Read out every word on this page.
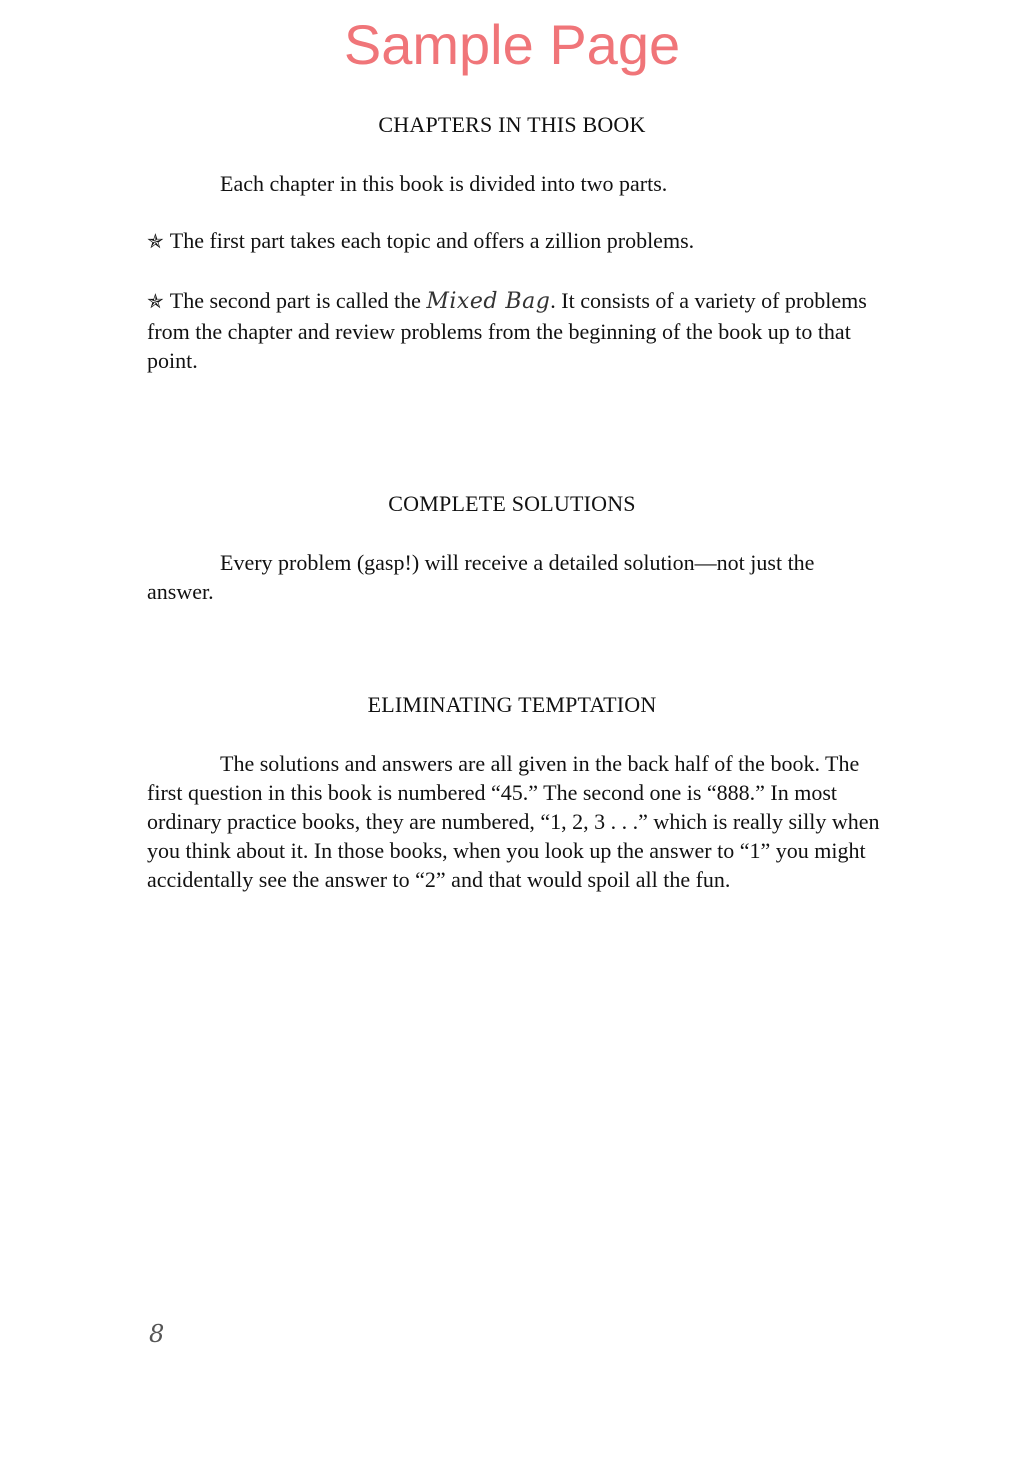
Sample Page
CHAPTERS IN THIS BOOK

Each chapter in this book is divided into two parts.

✯ The first part takes each topic and offers a zillion problems.

✯ The second part is called the Mixed Bag. It consists of a variety of problems from the chapter and review problems from the beginning of the book up to that point.

COMPLETE SOLUTIONS

Every problem (gasp!) will receive a detailed solution—not just the answer.

ELIMINATING TEMPTATION

The solutions and answers are all given in the back half of the book. The first question in this book is numbered “45.” The second one is “888.” In most ordinary practice books, they are numbered, “1, 2, 3 . . .” which is really silly when you think about it. In those books, when you look up the answer to “1” you might accidentally see the answer to “2” and that would spoil all the fun.

8
